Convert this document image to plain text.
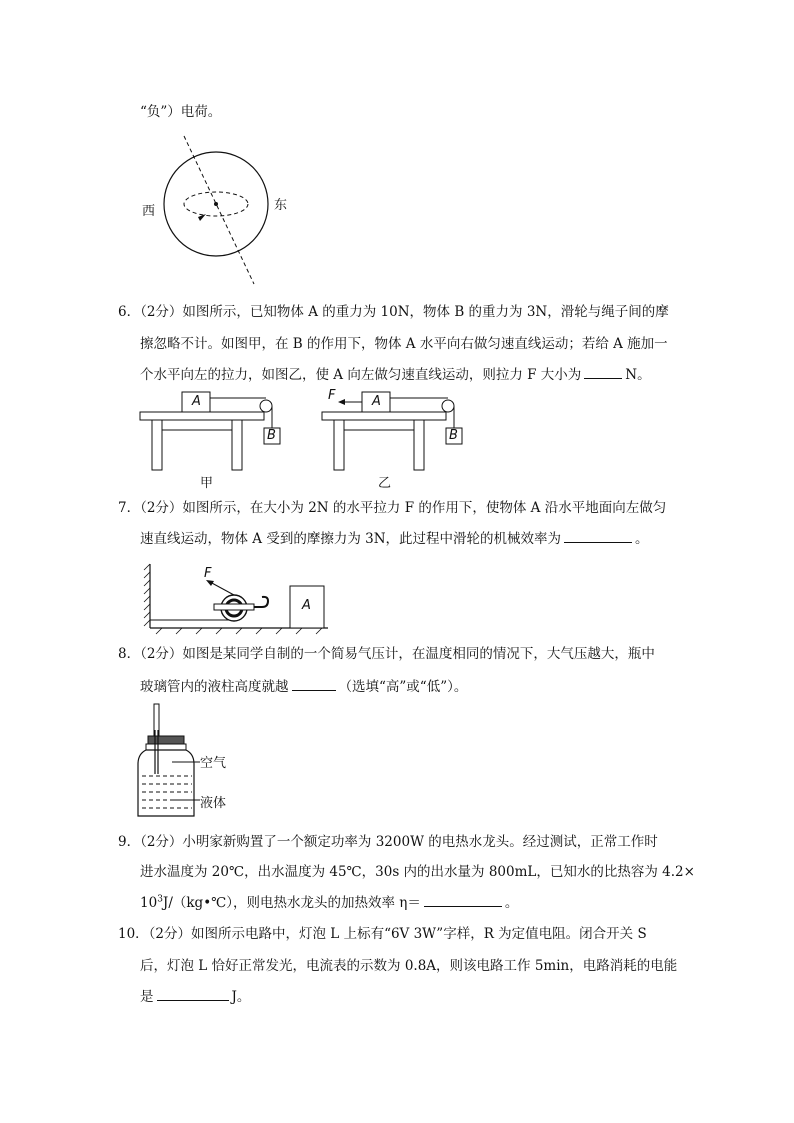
“负”）电荷。
西	东
6．（2分）如图所示，已知物体 A 的重力为 10N，物体 B 的重力为 3N，滑轮与绳子间的摩
擦忽略不计。如图甲，在 B 的作用下，物体 A 水平向右做匀速直线运动；若给 A 施加一
个水平向左的拉力，如图乙，使 A 向左做匀速直线运动，则拉力 F 大小为	N。
A
B
甲
F	A
B
乙
7．（2分）如图所示，在大小为 2N 的水平拉力 F 的作用下，使物体 A 沿水平地面向左做匀
速直线运动，物体 A 受到的摩擦力为 3N，此过程中滑轮的机械效率为	。
F
A
8．（2分）如图是某同学自制的一个简易气压计，在温度相同的情况下，大气压越大，瓶中
玻璃管内的液柱高度就越	（选填“高”或“低”）。
空气
液体
9．（2分）小明家新购置了一个额定功率为 3200W 的电热水龙头。经过测试，正常工作时
进水温度为 20℃，出水温度为 45℃，30s 内的出水量为 800mL，已知水的比热容为 4.2×
$10^3J/(kg•℃)$，则电热水龙头的加热效率 η＝	。
10．（2分）如图所示电路中，灯泡 L 上标有“6V 3W”字样，R 为定值电阻。闭合开关 S
后，灯泡 L 恰好正常发光，电流表的示数为 0.8A，则该电路工作 5min，电路消耗的电能
是	J。
